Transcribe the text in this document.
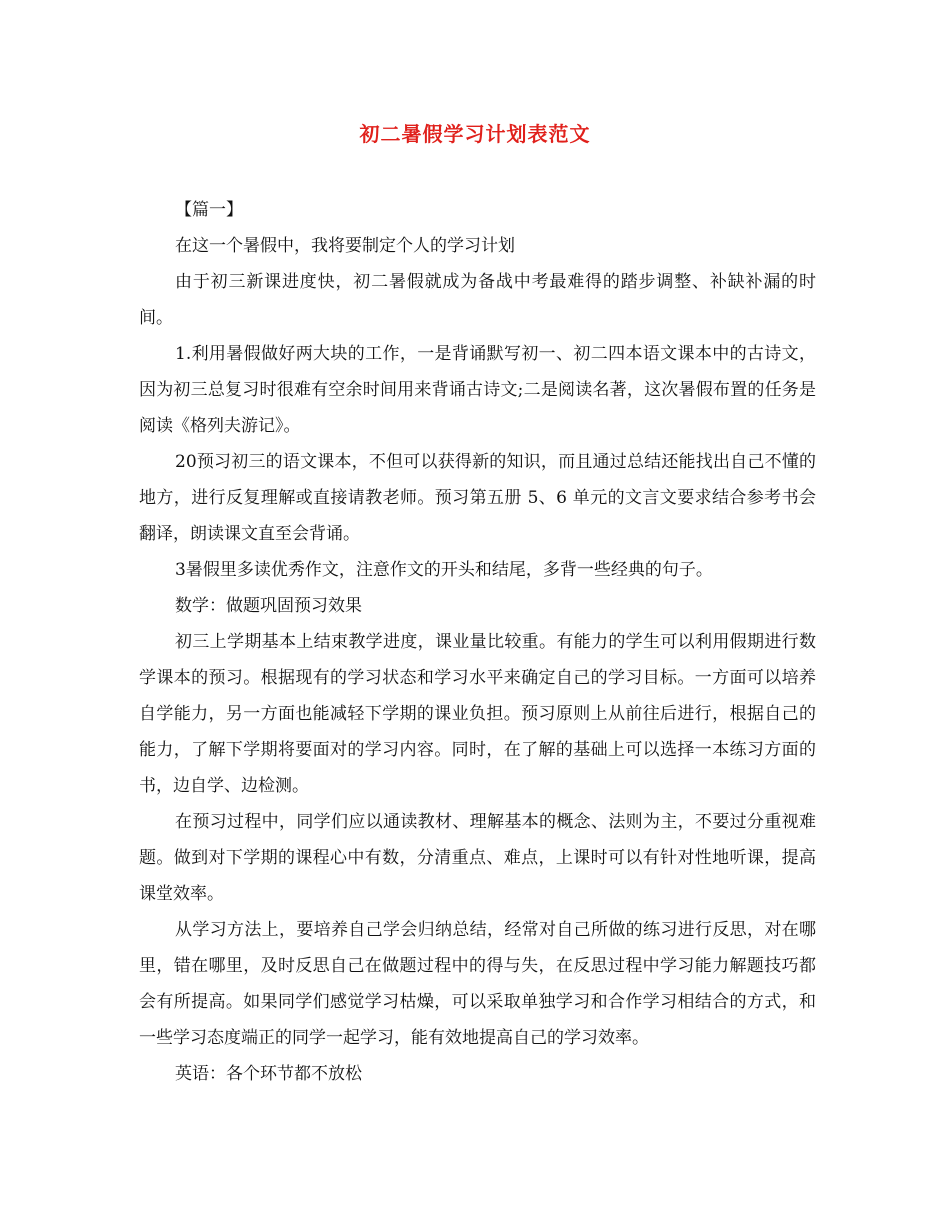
初二暑假学习计划表范文

【篇一】

在这一个暑假中，我将要制定个人的学习计划

由于初三新课进度快，初二暑假就成为备战中考最难得的踏步调整、补缺补漏的时间。

1.利用暑假做好两大块的工作，一是背诵默写初一、初二四本语文课本中的古诗文，因为初三总复习时很难有空余时间用来背诵古诗文;二是阅读名著，这次暑假布置的任务是阅读《格列夫游记》。

20预习初三的语文课本，不但可以获得新的知识，而且通过总结还能找出自己不懂的地方，进行反复理解或直接请教老师。预习第五册 5、6 单元的文言文要求结合参考书会翻译，朗读课文直至会背诵。

3暑假里多读优秀作文，注意作文的开头和结尾，多背一些经典的句子。

数学：做题巩固预习效果

初三上学期基本上结束教学进度，课业量比较重。有能力的学生可以利用假期进行数学课本的预习。根据现有的学习状态和学习水平来确定自己的学习目标。一方面可以培养自学能力，另一方面也能减轻下学期的课业负担。预习原则上从前往后进行，根据自己的能力，了解下学期将要面对的学习内容。同时，在了解的基础上可以选择一本练习方面的书，边自学、边检测。

在预习过程中，同学们应以通读教材、理解基本的概念、法则为主，不要过分重视难题。做到对下学期的课程心中有数，分清重点、难点，上课时可以有针对性地听课，提高课堂效率。

从学习方法上，要培养自己学会归纳总结，经常对自己所做的练习进行反思，对在哪里，错在哪里，及时反思自己在做题过程中的得与失，在反思过程中学习能力解题技巧都会有所提高。如果同学们感觉学习枯燥，可以采取单独学习和合作学习相结合的方式，和一些学习态度端正的同学一起学习，能有效地提高自己的学习效率。

英语：各个环节都不放松
